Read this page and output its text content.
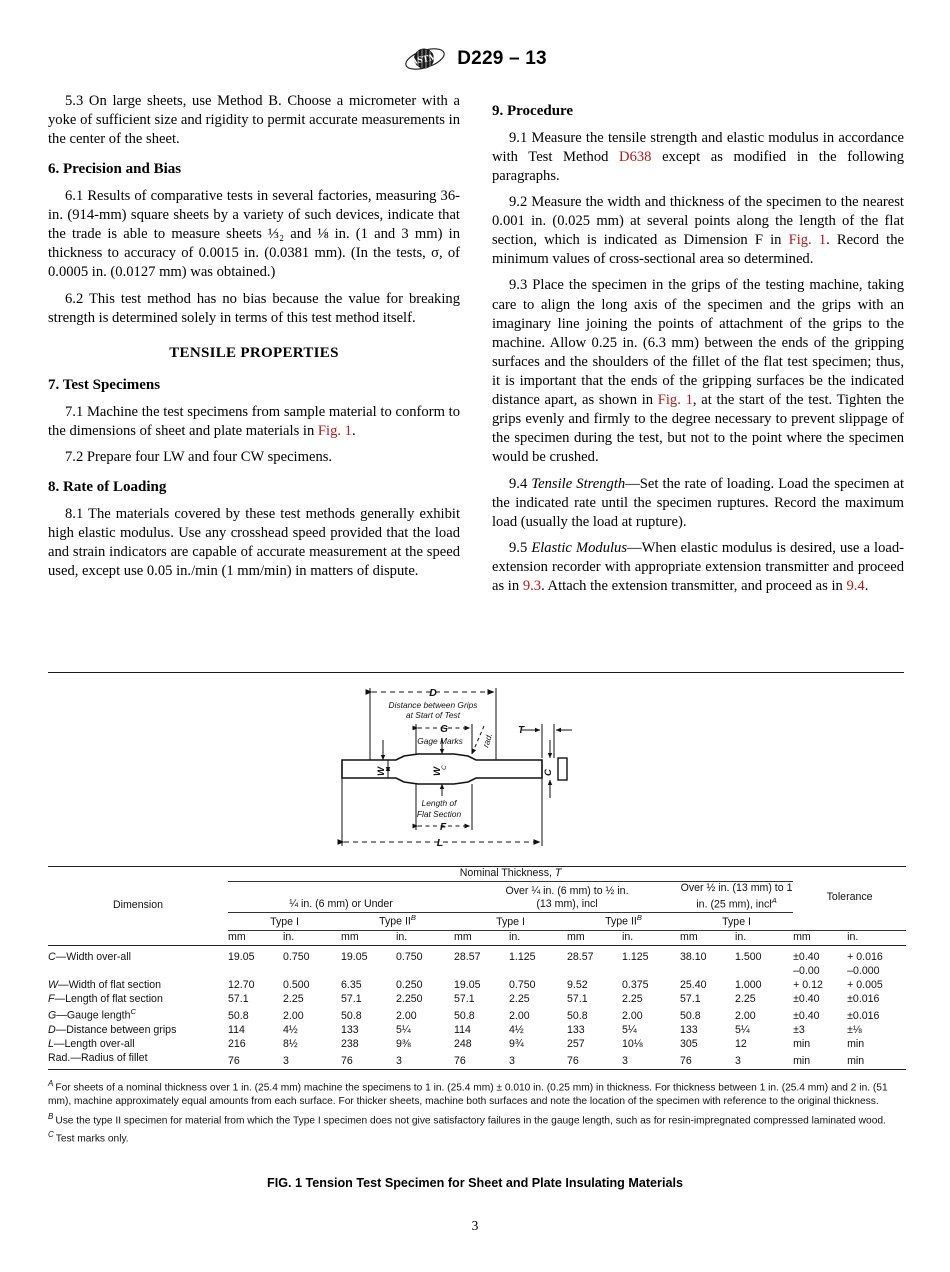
ASTM D229 – 13

5.3 On large sheets, use Method B. Choose a micrometer with a yoke of sufficient size and rigidity to permit accurate measurements in the center of the sheet.

6. Precision and Bias

6.1 Results of comparative tests in several factories, measuring 36-in. (914-mm) square sheets by a variety of such devices, indicate that the trade is able to measure sheets ⅓₂ and ⅛ in. (1 and 3 mm) in thickness to accuracy of 0.0015 in. (0.0381 mm). (In the tests, σ, of 0.0005 in. (0.0127 mm) was obtained.)

6.2 This test method has no bias because the value for breaking strength is determined solely in terms of this test method itself.

TENSILE PROPERTIES
7. Test Specimens

7.1 Machine the test specimens from sample material to conform to the dimensions of sheet and plate materials in Fig. 1.

7.2 Prepare four LW and four CW specimens.

8. Rate of Loading

8.1 The materials covered by these test methods generally exhibit high elastic modulus. Use any crosshead speed provided that the load and strain indicators are capable of accurate measurement at the speed used, except use 0.05 in./min (1 mm/min) in matters of dispute.

9. Procedure

9.1 Measure the tensile strength and elastic modulus in accordance with Test Method D638 except as modified in the following paragraphs.

9.2 Measure the width and thickness of the specimen to the nearest 0.001 in. (0.025 mm) at several points along the length of the flat section, which is indicated as Dimension F in Fig. 1. Record the minimum values of cross-sectional area so determined.

9.3 Place the specimen in the grips of the testing machine, taking care to align the long axis of the specimen and the grips with an imaginary line joining the points of attachment of the grips to the machine. Allow 0.25 in. (6.3 mm) between the ends of the gripping surfaces and the shoulders of the fillet of the flat test specimen; thus, it is important that the ends of the gripping surfaces be the indicated distance apart, as shown in Fig. 1, at the start of the test. Tighten the grips evenly and firmly to the degree necessary to prevent slippage of the specimen during the test, but not to the point where the specimen would be crushed.

9.4 Tensile Strength—Set the rate of loading. Load the specimen at the indicated rate until the specimen ruptures. Record the maximum load (usually the load at rupture).

9.5 Elastic Modulus—When elastic modulus is desired, use a load-extension recorder with appropriate extension transmitter and proceed as in 9.3. Attach the extension transmitter, and proceed as in 9.4.

D
Distance between Grips
at Start of Test
G
Gage Marks rad.
T
W	W
C
C
Length of
Flat Section
F
L
Dimension	Nominal Thickness, T										Tolerance	
	¼ in. (6 mm) or Under				Over ¼ in. (6 mm) to ½ in.
(13 mm), incl				Over ½ in. (13 mm) to 1
in. (25 mm), incl$^A$

	Type I		Type $II^B$		Type I		Type $II^B$		Type I			
	mm	in.	mm	in.	mm	in.	mm	in.	mm	in.	mm	in.

C—Width over-all	19.05	0.750	19.05	0.750	28.57	1.125	28.57	1.125	38.10	1.500	±0.40	+ 0.016
											–0.00	–0.000
W—Width of flat section	12.70	0.500	6.35	0.250	19.05	0.750	9.52	0.375	25.40	1.000	+ 0.12	+ 0.005
F—Length of flat section	57.1	2.25	57.1	2.250	57.1	2.25	57.1	2.25	57.1	2.25	±0.40	±0.016
G—Gauge length$^C$	50.8	2.00	50.8	2.00	50.8	2.00	50.8	2.00	50.8	2.00	±0.40	±0.016
D—Distance between grips	114	4½	133	5¼	114	4½	133	5¼	133	5¼	±3	±⅛
L—Length over-all	216	8½	238	9⅜	248	9¾	257	10⅛	305	12	min	min
Rad.—Radius of fillet	76	3	76	3	76	3	76	3	76	3	min	min

$^A$ For sheets of a nominal thickness over 1 in. (25.4 mm) machine the specimens to 1 in. (25.4 mm) ± 0.010 in. (0.25 mm) in thickness. For thickness between 1 in. (25.4 mm) and 2 in. (51 mm), machine approximately equal amounts from each surface. For thicker sheets, machine both surfaces and note the location of the specimen with reference to the original thickness.

$^B$ Use the type II specimen for material from which the Type I specimen does not give satisfactory failures in the gauge length, such as for resin-impregnated compressed laminated wood.

$^C$ Test marks only.

FIG. 1 Tension Test Specimen for Sheet and Plate Insulating Materials
3
